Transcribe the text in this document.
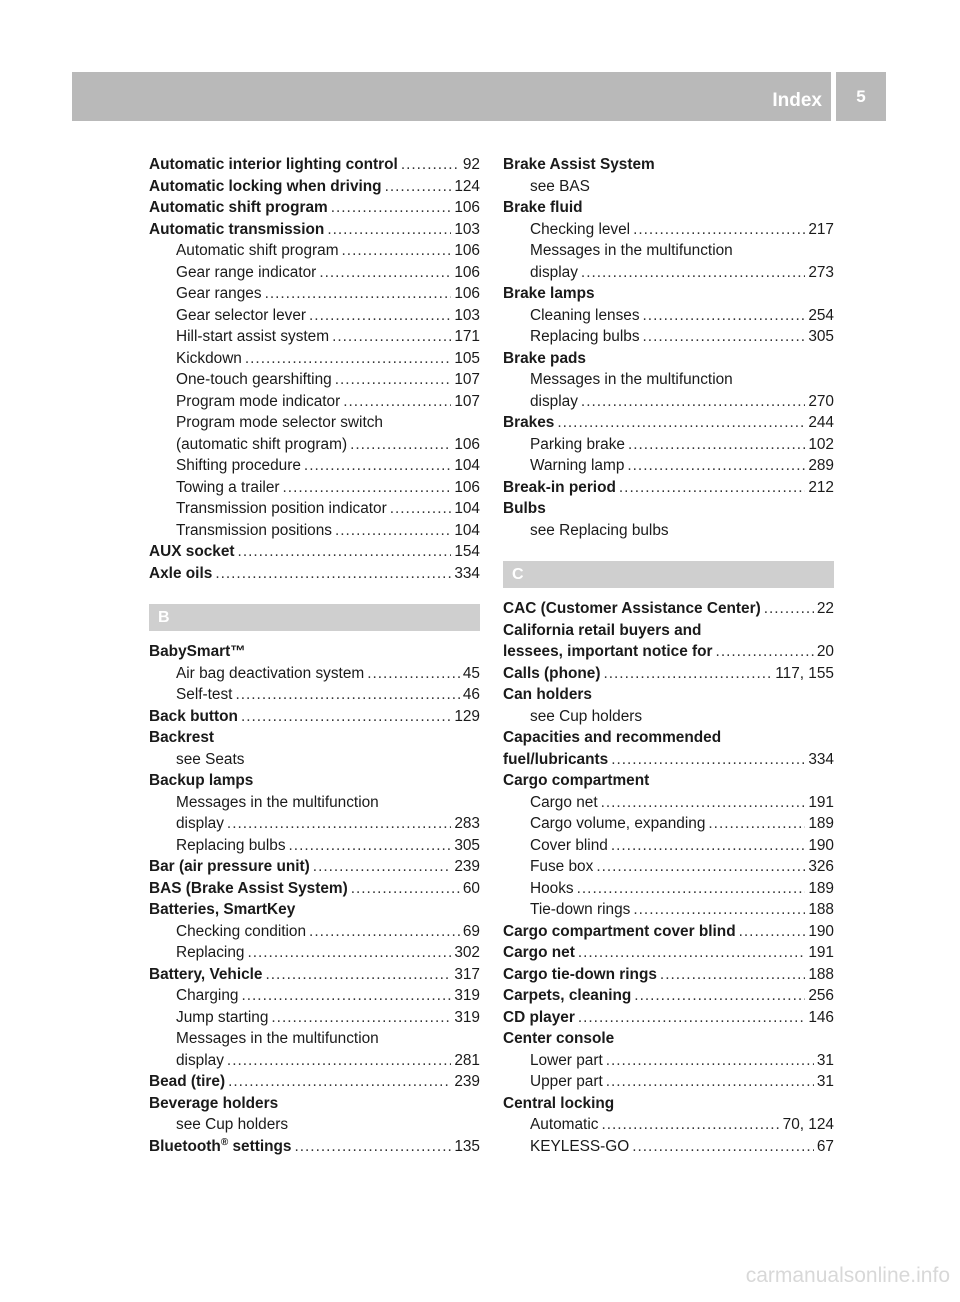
Index	5
Automatic interior lighting control .....	92
Automatic locking when driving .....	124
Automatic shift program .....	106
Automatic transmission .....	103
Automatic shift program .....	106
Gear range indicator .....	106
Gear ranges .....	106
Gear selector lever .....	103
Hill-start assist system .....	171
Kickdown .....	105
One-touch gearshifting .....	107
Program mode indicator .....	107
Program mode selector switch
(automatic shift program) .....	106
Shifting procedure .....	104
Towing a trailer .....	106
Transmission position indicator .....	104
Transmission positions .....	104
AUX socket .....	154
Axle oils .....	334
B
BabySmart™
Air bag deactivation system .....	45
Self-test .....	46
Back button .....	129
Backrest
see Seats
Backup lamps
Messages in the multifunction
display .....	283
Replacing bulbs .....	305
Bar (air pressure unit) .....	239
BAS (Brake Assist System) .....	60
Batteries, SmartKey
Checking condition .....	69
Replacing .....	302
Battery, Vehicle .....	317
Charging .....	319
Jump starting .....	319
Messages in the multifunction
display .....	281
Bead (tire) .....	239
Beverage holders
see Cup holders
Bluetooth® settings .....	135
Brake Assist System
see BAS
Brake fluid
Checking level .....	217
Messages in the multifunction
display .....	273
Brake lamps
Cleaning lenses .....	254
Replacing bulbs .....	305
Brake pads
Messages in the multifunction
display .....	270
Brakes .....	244
Parking brake .....	102
Warning lamp .....	289
Break-in period .....	212
Bulbs
see Replacing bulbs
C
CAC (Customer Assistance Center) .....	22
California retail buyers and
lessees, important notice for .....	20
Calls (phone) .....	117, 155
Can holders
see Cup holders
Capacities and recommended
fuel/lubricants .....	334
Cargo compartment
Cargo net .....	191
Cargo volume, expanding .....	189
Cover blind .....	190
Fuse box .....	326
Hooks .....	189
Tie-down rings .....	188
Cargo compartment cover blind .....	190
Cargo net .....	191
Cargo tie-down rings .....	188
Carpets, cleaning .....	256
CD player .....	146
Center console
Lower part .....	31
Upper part .....	31
Central locking
Automatic .....	70, 124
KEYLESS-GO .....	67
carmanualsonline.info
